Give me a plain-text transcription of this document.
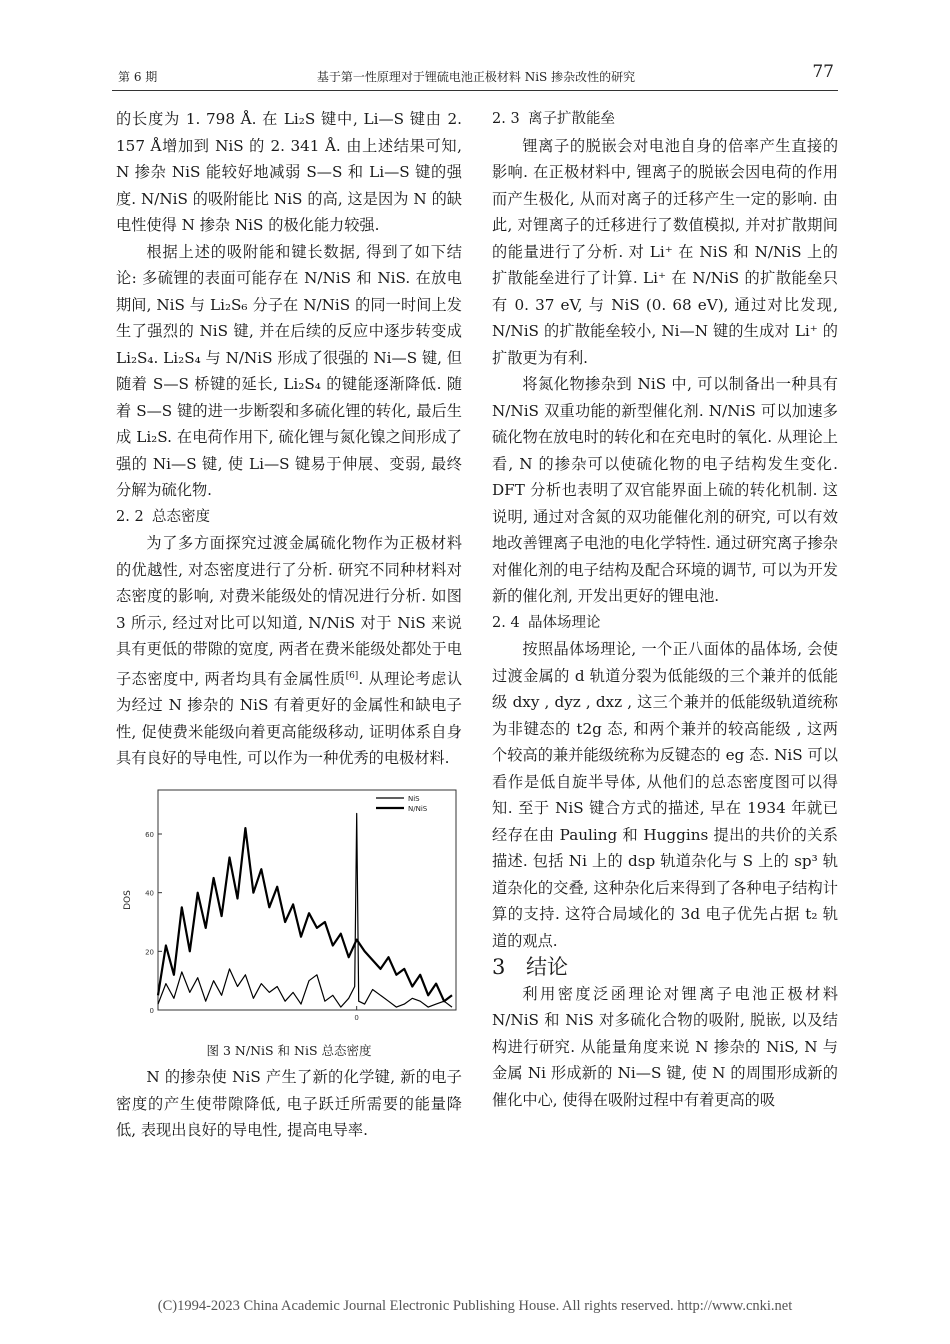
第 6 期	基于第一性原理对于锂硫电池正极材料 NiS 掺杂改性的研究	77

的长度为 1. 798 Å. 在 Li₂S 键中, Li—S 键由 2. 157 Å增加到 NiS 的 2. 341 Å. 由上述结果可知, N 掺杂 NiS 能较好地减弱 S—S 和 Li—S 键的强度. N/NiS 的吸附能比 NiS 的高, 这是因为 N 的缺电性使得 N 掺杂 NiS 的极化能力较强.

根据上述的吸附能和键长数据, 得到了如下结论: 多硫锂的表面可能存在 N/NiS 和 NiS. 在放电期间, NiS 与 Li₂S₆ 分子在 N/NiS 的同一时间上发生了强烈的 NiS 键, 并在后续的反应中逐步转变成 Li₂S₄. Li₂S₄ 与 N/NiS 形成了很强的 Ni—S 键, 但随着 S—S 桥键的延长, Li₂S₄ 的键能逐渐降低. 随着 S—S 键的进一步断裂和多硫化锂的转化, 最后生成 Li₂S. 在电荷作用下, 硫化锂与氮化镍之间形成了强的 Ni—S 键, 使 Li—S 键易于伸展、变弱, 最终分解为硫化物.

2. 2 总态密度

为了多方面探究过渡金属硫化物作为正极材料的优越性, 对态密度进行了分析. 研究不同种材料对态密度的影响, 对费米能级处的情况进行分析. 如图 3 所示, 经过对比可以知道, N/NiS 对于 NiS 来说具有更低的带隙的宽度, 两者在费米能级处都处于电子态密度中, 两者均具有金属性质[6]. 从理论考虑认为经过 N 掺杂的 NiS 有着更好的金属性和缺电子性, 促使费米能级向着更高能级移动, 证明体系自身具有良好的导电性, 可以作为一种优秀的电极材料.

0
20
40
60
0
DOS
NiS
N/NiS

图 3 N/NiS 和 NiS 总态密度

N 的掺杂使 NiS 产生了新的化学键, 新的电子密度的产生使带隙降低, 电子跃迁所需要的能量降低, 表现出良好的导电性, 提高电导率.

2. 3 离子扩散能垒

锂离子的脱嵌会对电池自身的倍率产生直接的影响. 在正极材料中, 锂离子的脱嵌会因电荷的作用而产生极化, 从而对离子的迁移产生一定的影响. 由此, 对锂离子的迁移进行了数值模拟, 并对扩散期间的能量进行了分析. 对 Li⁺ 在 NiS 和 N/NiS 上的扩散能垒进行了计算. Li⁺ 在 N/NiS 的扩散能垒只有 0. 37 eV, 与 NiS (0. 68 eV), 通过对比发现, N/NiS 的扩散能垒较小, Ni—N 键的生成对 Li⁺ 的扩散更为有利.

将氮化物掺杂到 NiS 中, 可以制备出一种具有 N/NiS 双重功能的新型催化剂. N/NiS 可以加速多硫化物在放电时的转化和在充电时的氧化. 从理论上看, N 的掺杂可以使硫化物的电子结构发生变化. DFT 分析也表明了双官能界面上硫的转化机制. 这说明, 通过对含氮的双功能催化剂的研究, 可以有效地改善锂离子电池的电化学特性. 通过研究离子掺杂对催化剂的电子结构及配合环境的调节, 可以为开发新的催化剂, 开发出更好的锂电池.

2. 4 晶体场理论

按照晶体场理论, 一个正八面体的晶体场, 会使过渡金属的 d 轨道分裂为低能级的三个兼并的低能级 dxy , dyz , dxz , 这三个兼并的低能级轨道统称为非键态的 t2g 态, 和两个兼并的较高能级 , 这两个较高的兼并能级统称为反键态的 eg 态. NiS 可以看作是低自旋半导体, 从他们的总态密度图可以得知. 至于 NiS 键合方式的描述, 早在 1934 年就已经存在由 Pauling 和 Huggins 提出的共价的关系描述. 包括 Ni 上的 dsp 轨道杂化与 S 上的 sp³ 轨道杂化的交叠, 这种杂化后来得到了各种电子结构计算的支持. 这符合局域化的 3d 电子优先占据 t₂ 轨道的观点.

3 结论

利用密度泛函理论对锂离子电池正极材料 N/NiS 和 NiS 对多硫化合物的吸附, 脱嵌, 以及结构进行研究. 从能量角度来说 N 掺杂的 NiS, N 与金属 Ni 形成新的 Ni—S 键, 使 N 的周围形成新的催化中心, 使得在吸附过程中有着更高的吸

(C)1994-2023 China Academic Journal Electronic Publishing House. All rights reserved. http://www.cnki.net
